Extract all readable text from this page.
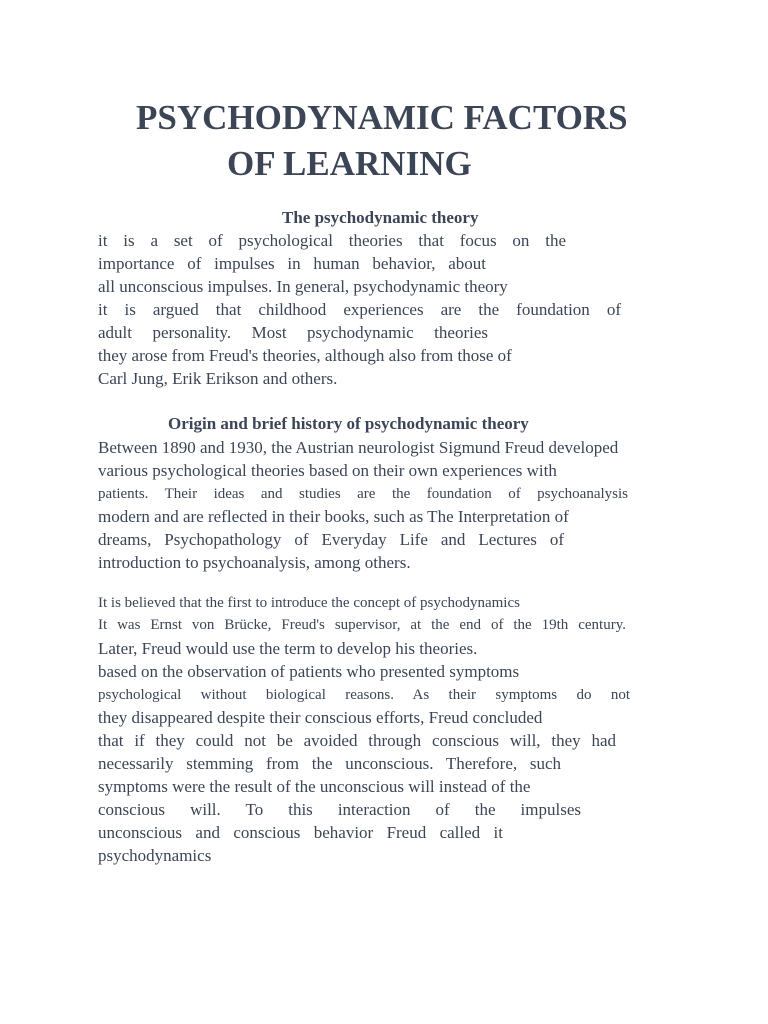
PSYCHODYNAMIC FACTORS
OF LEARNING
The psychodynamic theory
it is a set of psychological theories that focus on the
importance of impulses in human behavior, about
all unconscious impulses. In general, psychodynamic theory
it is argued that childhood experiences are the foundation of
adult personality. Most psychodynamic theories
they arose from Freud's theories, although also from those of
Carl Jung, Erik Erikson and others.
Origin and brief history of psychodynamic theory
Between 1890 and 1930, the Austrian neurologist Sigmund Freud developed
various psychological theories based on their own experiences with
patients. Their ideas and studies are the foundation of psychoanalysis
modern and are reflected in their books, such as The Interpretation of
dreams, Psychopathology of Everyday Life and Lectures of
introduction to psychoanalysis, among others.
It is believed that the first to introduce the concept of psychodynamics
It was Ernst von Brücke, Freud's supervisor, at the end of the 19th century.
Later, Freud would use the term to develop his theories.
based on the observation of patients who presented symptoms
psychological without biological reasons. As their symptoms do not
they disappeared despite their conscious efforts, Freud concluded
that if they could not be avoided through conscious will, they had
necessarily stemming from the unconscious. Therefore, such
symptoms were the result of the unconscious will instead of the
conscious will. To this interaction of the impulses
unconscious and conscious behavior Freud called it
psychodynamics
